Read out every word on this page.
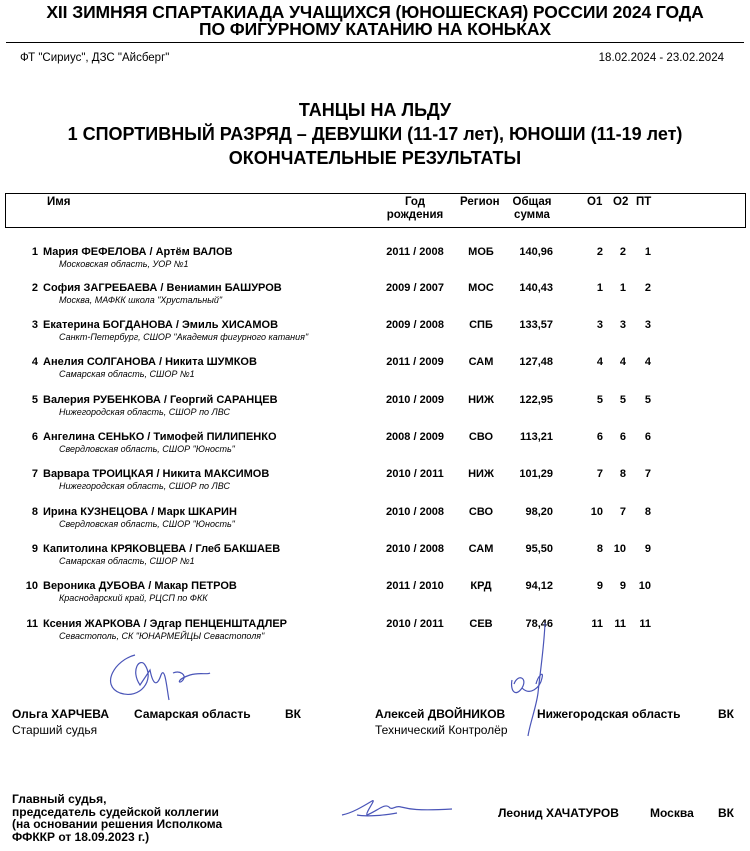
XII ЗИМНЯЯ СПАРТАКИАДА УЧАЩИХСЯ (ЮНОШЕСКАЯ) РОССИИ 2024 ГОДА
ПО ФИГУРНОМУ КАТАНИЮ НА КОНЬКАХ
ФТ "Сириус", ДЗС "Айсберг"	18.02.2024 - 23.02.2024
ТАНЦЫ НА ЛЬДУ
1 СПОРТИВНЫЙ РАЗРЯД – ДЕВУШКИ (11-17 лет), ЮНОШИ (11-19 лет)
ОКОНЧАТЕЛЬНЫЕ РЕЗУЛЬТАТЫ
Имя	Год
рождения
Регион Общая
сумма
О1 О2 ПТ
1 Мария ФЕФЕЛОВА / Артём ВАЛОВ
Московская область, УОР №1
2011 / 2008	МОБ	140,96	2 2 1
2 София ЗАГРЕБАЕВА / Вениамин БАШУРОВ
Москва, МАФКК школа "Хрустальный"
2009 / 2007	МОС	140,43	1 1 2
3 Екатерина БОГДАНОВА / Эмиль ХИСАМОВ
Санкт-Петербург, СШОР "Академия фигурного катания"
2009 / 2008	СПБ	133,57	3 3 3
4 Анелия СОЛГАНОВА / Никита ШУМКОВ
Самарская область, СШОР №1
2011 / 2009	САМ	127,48	4 4 4
5 Валерия РУБЕНКОВА / Георгий САРАНЦЕВ
Нижегородская область, СШОР по ЛВС
2010 / 2009	НИЖ	122,95	5 5 5
6 Ангелина СЕНЬКО / Тимофей ПИЛИПЕНКО
Свердловская область, СШОР "Юность"
2008 / 2009	СВО	113,21	6 6 6
7 Варвара ТРОИЦКАЯ / Никита МАКСИМОВ
Нижегородская область, СШОР по ЛВС
2010 / 2011	НИЖ	101,29	7 8 7
8 Ирина КУЗНЕЦОВА / Марк ШКАРИН
Свердловская область, СШОР "Юность"
2010 / 2008	СВО	98,20	10 7 8
9 Капитолина КРЯКОВЦЕВА / Глеб БАКШАЕВ
Самарская область, СШОР №1
2010 / 2008	САМ	95,50	8 10 9
10 Вероника ДУБОВА / Макар ПЕТРОВ
Краснодарский край, РЦСП по ФКК
2011 / 2010	КРД	94,12	9 9 10
11 Ксения ЖАРКОВА / Эдгар ПЕНЦЕНШТАДЛЕР
Севастополь, СК "ЮНАРМЕЙЦЫ Севастополя"
2010 / 2011	СЕВ	78,46	11 11 11
Ольга ХАРЧЕВА Самарская область	ВК
Старший судья
Алексей ДВОЙНИКОВ	Нижегородская область	ВК
Технический Контролёр
Главный судья,
председатель судейской коллегии
(на основании решения Исполкома
ФФККР от 18.09.2023 г.)
Леонид ХАЧАТУРОВ	Москва ВК
